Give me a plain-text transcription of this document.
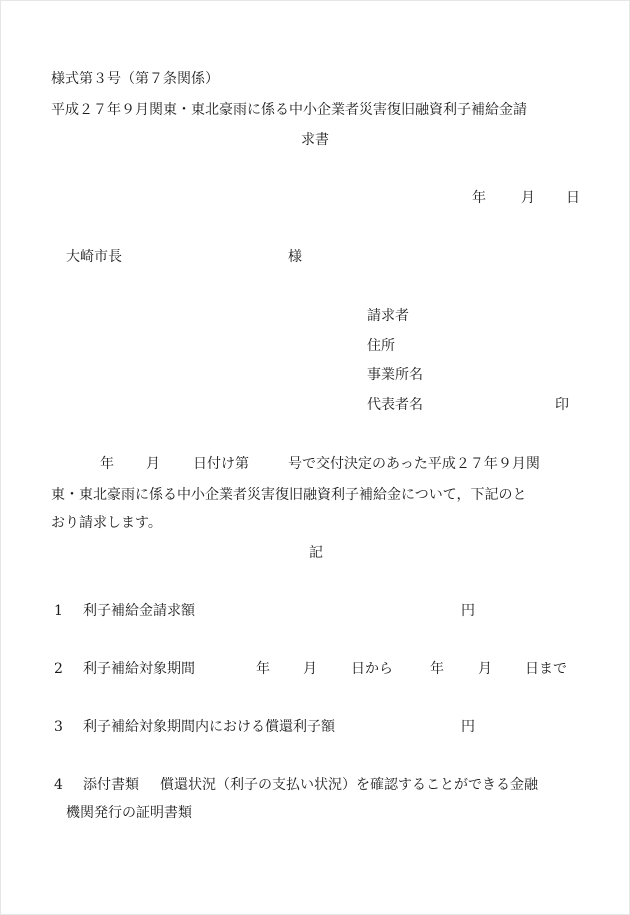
様式第３号（第７条関係）
平成２７年９月関東・東北豪雨に係る中小企業者災害復旧融資利子補給金請
求書
年	月 日
大崎市長	様
請求者
住所
事業所名
代表者名	印
年 月 日付け第	号で交付決定のあった平成２７年９月関
東・東北豪雨に係る中小企業者災害復旧融資利子補給金について，下記のと
おり請求します。
記
1 利子補給金請求額	円
2 利子補給対象期間	年 月 日から	年 月 日まで
3 利子補給対象期間内における償還利子額	円
4 添付書類 償還状況（利子の支払い状況）を確認することができる金融
機関発行の証明書類
